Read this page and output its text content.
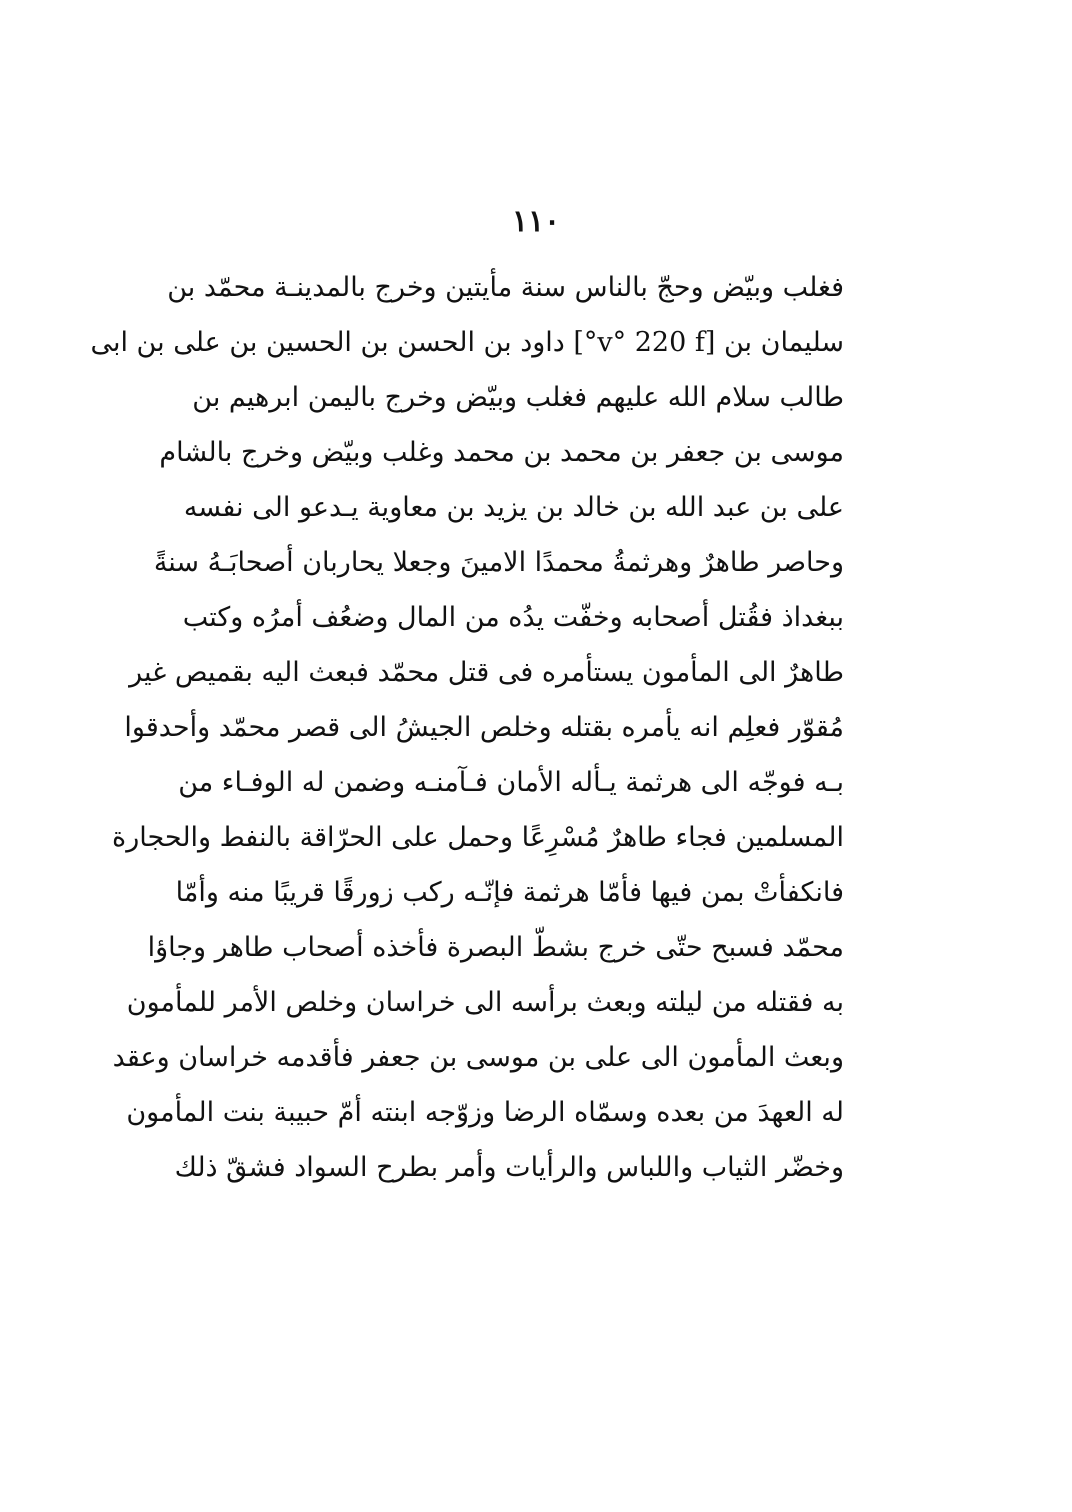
١١٠
فغلب وبيّض وحجّ بالناس سنة مأيتين وخرج بالمدينـة محمّد بن
سليمان بن [v° 220 f°] داود بن الحسن بن الحسين بن على بن ابى
طالب سلام الله عليهم فغلب وبيّض وخرج باليمن ابرهيم بن
موسى بن جعفر بن محمد بن محمد وغلب وبيّض وخرج بالشام
على بن عبد الله بن خالد بن يزيد بن معاوية يـدعو الى نفسه
وحاصر طاهرٌ وهرثمةُ محمدًا الامينَ وجعلا يحاربان أصحابَـهُ سنةً
ببغداذ فقُتل أصحابه وخفّت يدُه من المال وضعُف أمرُه وكتب
طاهرٌ الى المأمون يستأمره فى قتل محمّد فبعث اليه بقميص غير
مُقوّر فعلِم انه يأمره بقتله وخلص الجيشُ الى قصر محمّد وأحدقوا
بـه فوجّه الى هرثمة يـأله الأمان فـآمنـه وضمن له الوفـاء من
المسلمين فجاء طاهرٌ مُسْرِعًا وحمل على الحرّاقة بالنفط والحجارة
فانكفأتْ بمن فيها فأمّا هرثمة فإنّـه ركب زورقًا قريبًا منه وأمّا
محمّد فسبح حتّى خرج بشطّ البصرة فأخذه أصحاب طاهر وجاؤا
به فقتله من ليلته وبعث برأسه الى خراسان وخلص الأمر للمأمون
وبعث المأمون الى على بن موسى بن جعفر فأقدمه خراسان وعقد
له العهدَ من بعده وسمّاه الرضا وزوّجه ابنته أمّ حبيبة بنت المأمون
وخضّر الثياب واللباس والرأيات وأمر بطرح السواد فشقّ ذلك
